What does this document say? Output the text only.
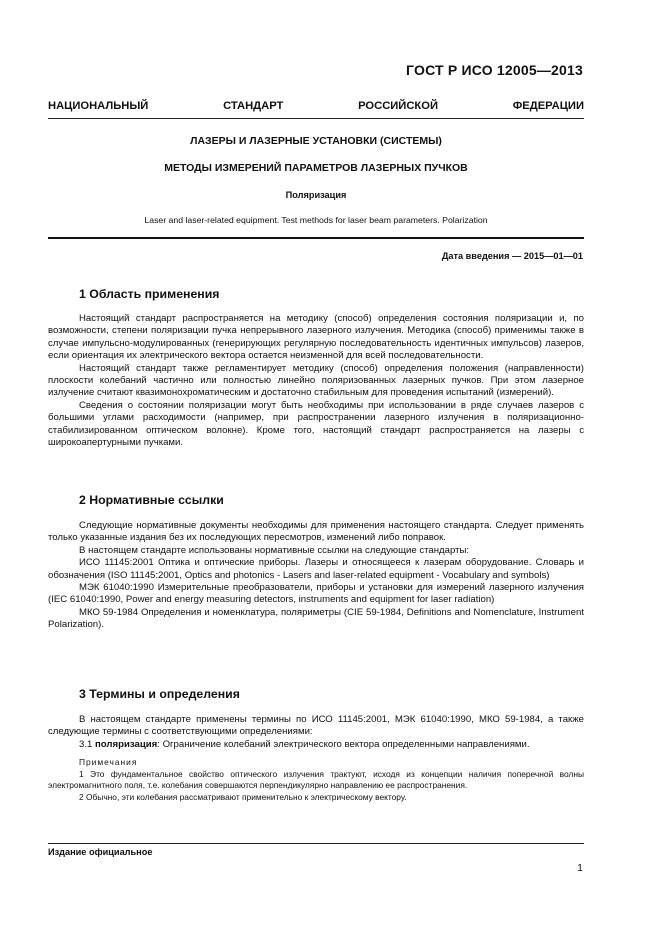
ГОСТ Р ИСО 12005—2013
НАЦИОНАЛЬНЫЙ СТАНДАРТ РОССИЙСКОЙ ФЕДЕРАЦИИ
ЛАЗЕРЫ И ЛАЗЕРНЫЕ УСТАНОВКИ (СИСТЕМЫ)
МЕТОДЫ ИЗМЕРЕНИЙ ПАРАМЕТРОВ ЛАЗЕРНЫХ ПУЧКОВ
Поляризация
Laser and laser-related equipment. Test methods for laser beam parameters. Polarization
Дата введения — 2015—01—01
1 Область применения

Настоящий стандарт распространяется на методику (способ) определения состояния поляризации и, по возможности, степени поляризации пучка непрерывного лазерного излучения. Методика (способ) применимы также в случае импульсно-модулированных (генерирующих регулярную последовательность идентичных импульсов) лазеров, если ориентация их электрического вектора остается неизменной для всей последовательности.

Настоящий стандарт также регламентирует методику (способ) определения положения (направленности) плоскости колебаний частично или полностью линейно поляризованных лазерных пучков. При этом лазерное излучение считают квазимонохроматическим и достаточно стабильным для проведения испытаний (измерений).

Сведения о состоянии поляризации могут быть необходимы при использовании в ряде случаев лазеров с большими углами расходимости (например, при распространении лазерного излучения в поляризационно-стабилизированном оптическом волокне). Кроме того, настоящий стандарт распространяется на лазеры с широкоапертурными пучками.

2 Нормативные ссылки

Следующие нормативные документы необходимы для применения настоящего стандарта. Следует применять только указанные издания без их последующих пересмотров, изменений либо поправок.

В настоящем стандарте использованы нормативные ссылки на следующие стандарты:

ИСО 11145:2001 Оптика и оптические приборы. Лазеры и относящееся к лазерам оборудование. Словарь и обозначения (ISO 11145:2001, Optics and photonics - Lasers and laser-related equipment - Vocabulary and symbols)

МЭК 61040:1990 Измерительные преобразователи, приборы и установки для измерений лазерного излучения (IEC 61040:1990, Power and energy measuring detectors, instruments and equipment for laser radiation)

МКО 59-1984 Определения и номенклатура, поляриметры (CIE 59-1984, Definitions and Nomenclature, Instrument Polarization).

3 Термины и определения

В настоящем стандарте применены термины по ИСО 11145:2001, МЭК 61040:1990, МКО 59-1984, а также следующие термины с соответствующими определениями:

3.1 поляризация: Ограничение колебаний электрического вектора определенными направлениями.

Примечания

1 Это фундаментальное свойство оптического излучения трактуют, исходя из концепции наличия поперечной волны электромагнитного поля, т.е. колебания совершаются перпендикулярно направлению ее распространения.

2 Обычно, эти колебания рассматривают применительно к электрическому вектору.

Издание официальное
1
